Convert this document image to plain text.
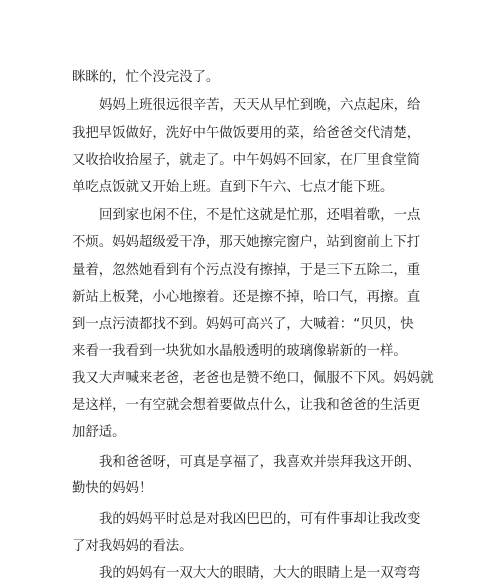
眯眯的，忙个没完没了。
妈妈上班很远很辛苦，天天从早忙到晚，六点起床，给
我把早饭做好，洗好中午做饭要用的菜，给爸爸交代清楚，
又收拾收拾屋子，就走了。中午妈妈不回家，在厂里食堂简
单吃点饭就又开始上班。直到下午六、七点才能下班。
回到家也闲不住，不是忙这就是忙那，还唱着歌，一点
不烦。妈妈超级爱干净，那天她擦完窗户，站到窗前上下打
量着，忽然她看到有个污点没有擦掉，于是三下五除二，重
新站上板凳，小心地擦着。还是擦不掉，哈口气，再擦。直
到一点污渍都找不到。妈妈可高兴了，大喊着：“贝贝，快
来看一我看到一块犹如水晶般透明的玻璃像崭新的一样。
我又大声喊来老爸，老爸也是赞不绝口，佩服不下风。妈妈就
是这样，一有空就会想着要做点什么，让我和爸爸的生活更
加舒适。
我和爸爸呀，可真是享福了，我喜欢并崇拜我这开朗、
勤快的妈妈！
我的妈妈平时总是对我凶巴巴的，可有件事却让我改变
了对我妈妈的看法。
我的妈妈有一双大大的眼睛，大大的眼睛上是一双弯弯
